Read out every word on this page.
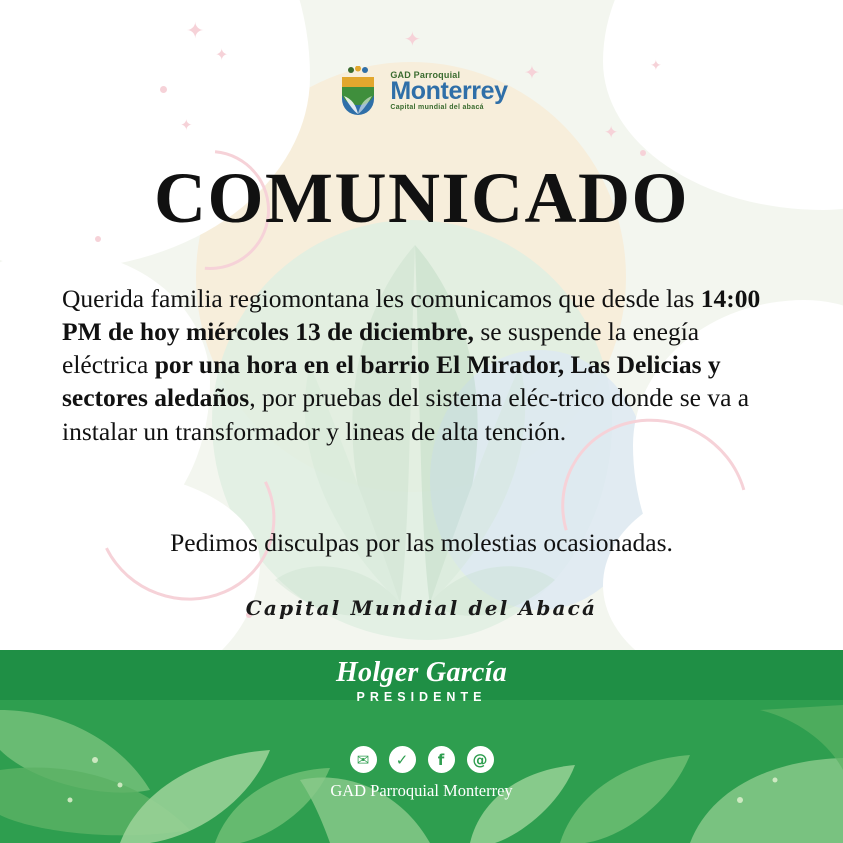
✦
✦
✦	✦
✦
✦
✦
GAD Parroquial
Monterrey
Capital mundial del abacá
COMUNICADO
Querida familia regiomontana les comunicamos que desde las 14:00 PM de hoy miércoles 13 de diciembre, se suspende la enegía eléctrica por una hora en el barrio El Mirador, Las Delicias y sectores aledaños, por pruebas del sistema eléc-trico donde se va a instalar un transformador y lineas de alta tención.
Pedimos disculpas por las molestias ocasionadas.
Capital Mundial del Abacá
Holger García
PRESIDENTE
✉	✓	f	@
GAD Parroquial Monterrey
